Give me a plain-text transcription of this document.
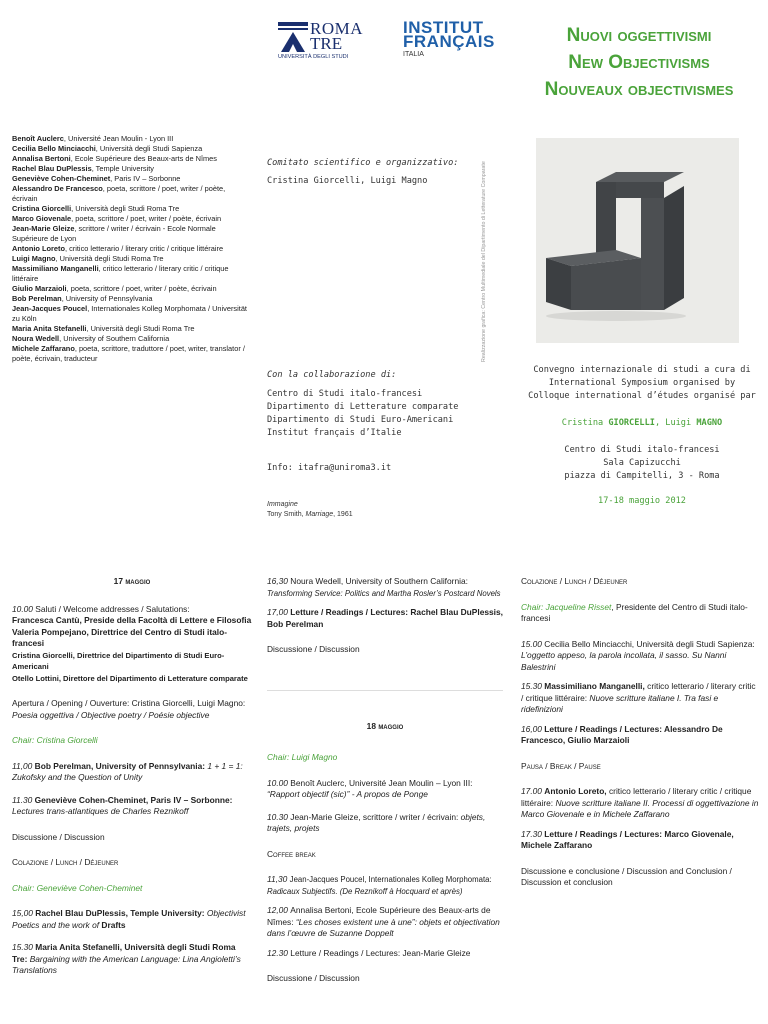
ROMA
TRE
UNIVERSITÀ DEGLI STUDI
INSTITUT
FRANÇAIS
ITALIA
Nuovi oggettivismi
New Objectivisms
Nouveaux objectivismes
Benoît Auclerc, Université Jean Moulin - Lyon III
Cecilia Bello Minciacchi, Università degli Studi Sapienza
Annalisa Bertoni, Ecole Supérieure des Beaux-arts de Nîmes
Rachel Blau DuPlessis, Temple University
Geneviève Cohen-Cheminet, Paris IV – Sorbonne
Alessandro De Francesco, poeta, scrittore / poet, writer / poète, écrivain
Cristina Giorcelli, Università degli Studi Roma Tre
Marco Giovenale, poeta, scrittore / poet, writer / poète, écrivain
Jean-Marie Gleize, scrittore / writer / écrivain - Ecole Normale Supérieure de Lyon
Antonio Loreto, critico letterario / literary critic / critique littéraire
Luigi Magno, Università degli Studi Roma Tre
Massimiliano Manganelli, critico letterario / literary critic / critique littéraire
Giulio Marzaioli, poeta, scrittore / poet, writer / poète, écrivain
Bob Perelman, University of Pennsylvania
Jean-Jacques Poucel, Internationales Kolleg Morphomata / Universität zu Köln
Maria Anita Stefanelli, Università degli Studi Roma Tre
Noura Wedell, University of Southern California
Michele Zaffarano, poeta, scrittore, traduttore / poet, writer, translator / poète, écrivain, traducteur
Comitato scientifico e organizzativo:
Cristina Giorcelli, Luigi Magno	Realizzazione grafica: Centro Multimediale del Dipartimento di Letterature Comparate
Con la collaborazione di:
Centro di Studi italo-francesi
Dipartimento di Letterature comparate
Dipartimento di Studi Euro-Americani
Institut français d’Italie
Info: itafra@uniroma3.it
Immagine
Tony Smith, Marriage, 1961
Convegno internazionale di studi a cura di
International Symposium organised by
Colloque international d’études organisé par
Cristina GIORCELLI, Luigi MAGNO
Centro di Studi italo-francesi
Sala Capizucchi
piazza di Campitelli, 3 - Roma
17-18 maggio 2012

17 maggio

10.00 Saluti / Welcome addresses / Salutations:

Francesca Cantù, Preside della Facoltà di Lettere e Filosofia
Valeria Pompejano, Direttrice del Centro di Studi italo-francesi
Cristina Giorcelli, Direttrice del Dipartimento di Studi Euro-Americani
Otello Lottini, Direttore del Dipartimento di Letterature comparate

Apertura / Opening / Ouverture: Cristina Giorcelli, Luigi Magno: Poesia oggettiva / Objective poetry / Poésie objective

Chair: Cristina Giorcelli

11,00 Bob Perelman, University of Pennsylvania: 1 + 1 = 1: Zukofsky and the Question of Unity

11.30 Geneviève Cohen-Cheminet, Paris IV – Sorbonne: Lectures trans-atlantiques de Charles Reznikoff

Discussione / Discussion

Colazione / Lunch / Déjeuner

Chair: Geneviève Cohen-Cheminet

15,00 Rachel Blau DuPlessis, Temple University: Objectivist Poetics and the work of Drafts

15.30 Maria Anita Stefanelli, Università degli Studi Roma Tre: Bargaining with the American Language: Lina Angioletti’s Translations

16,30 Noura Wedell, University of Southern California: Transforming Service: Politics and Martha Rosler’s Postcard Novels

17,00 Letture / Readings / Lectures: Rachel Blau DuPlessis, Bob Perelman

Discussione / Discussion

18 maggio

Chair: Luigi Magno

10.00 Benoît Auclerc, Université Jean Moulin – Lyon III: “Rapport objectif (sic)” - A propos de Ponge

10.30 Jean-Marie Gleize, scrittore / writer / écrivain: objets, trajets, projets

Coffee break

11,30 Jean-Jacques Poucel, Internationales Kolleg Morphomata: Radicaux Subjectifs. (De Reznikoff à Hocquard et après)

12,00 Annalisa Bertoni, Ecole Supérieure des Beaux-arts de Nîmes: “Les choses existent une à une”: objets et objectivation dans l’œuvre de Suzanne Doppelt

12.30 Letture / Readings / Lectures: Jean-Marie Gleize

Discussione / Discussion

Colazione / Lunch / Déjeuner

Chair: Jacqueline Risset, Presidente del Centro di Studi italo-francesi

15.00 Cecilia Bello Minciacchi, Università degli Studi Sapienza: L’oggetto appeso, la parola incollata, il sasso. Su Nanni Balestrini

15.30 Massimiliano Manganelli, critico letterario / literary critic / critique littéraire: Nuove scritture italiane I. Tra fasi e ridefinizioni

16,00 Letture / Readings / Lectures: Alessandro De Francesco, Giulio Marzaioli

Pausa / Break / Pause

17.00 Antonio Loreto, critico letterario / literary critic / critique littéraire: Nuove scritture italiane II. Processi di oggettivazione in Marco Giovenale e in Michele Zaffarano

17.30 Letture / Readings / Lectures: Marco Giovenale, Michele Zaffarano

Discussione e conclusione / Discussion and Conclusion / Discussion et conclusion
